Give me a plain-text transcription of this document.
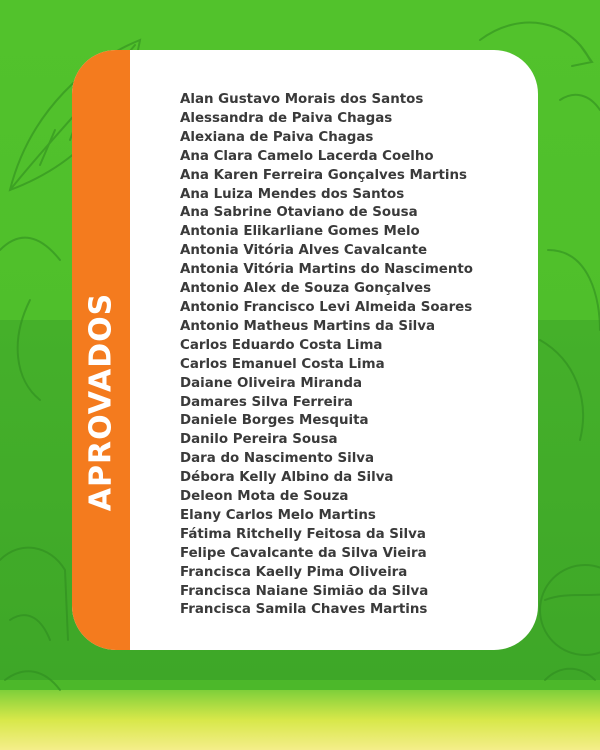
APROVADOS
Alan Gustavo Morais dos Santos
Alessandra de Paiva Chagas
Alexiana de Paiva Chagas
Ana Clara Camelo Lacerda Coelho
Ana Karen Ferreira Gonçalves Martins
Ana Luiza Mendes dos Santos
Ana Sabrine Otaviano de Sousa
Antonia Elikarliane Gomes Melo
Antonia Vitória Alves Cavalcante
Antonia Vitória Martins do Nascimento
Antonio Alex de Souza Gonçalves
Antonio Francisco Levi Almeida Soares
Antonio Matheus Martins da Silva
Carlos Eduardo Costa Lima
Carlos Emanuel Costa Lima
Daiane Oliveira Miranda
Damares Silva Ferreira
Daniele Borges Mesquita
Danilo Pereira Sousa
Dara do Nascimento Silva
Débora Kelly Albino da Silva
Deleon Mota de Souza
Elany Carlos Melo Martins
Fátima Ritchelly Feitosa da Silva
Felipe Cavalcante da Silva Vieira
Francisca Kaelly Pima Oliveira
Francisca Naiane Simião da Silva
Francisca Samila Chaves Martins
